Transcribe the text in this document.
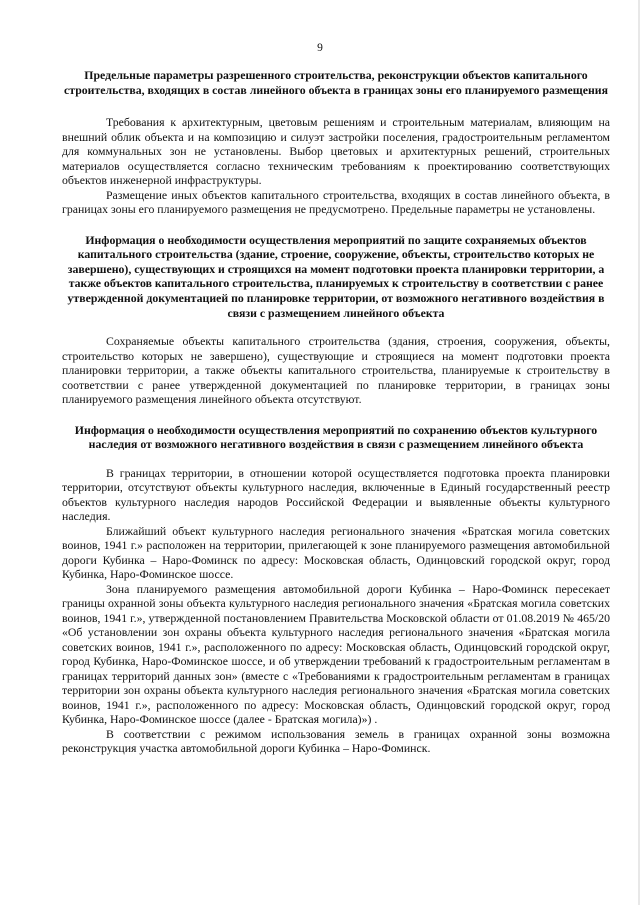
9
Предельные параметры разрешенного строительства, реконструкции объектов капитального строительства, входящих в состав линейного объекта в границах зоны его планируемого размещения

Требования к архитектурным, цветовым решениям и строительным материалам, влияющим на внешний облик объекта и на композицию и силуэт застройки поселения, градостроительным регламентом для коммунальных зон не установлены. Выбор цветовых и архитектурных решений, строительных материалов осуществляется согласно техническим требованиям к проектированию соответствующих объектов инженерной инфраструктуры.

Размещение иных объектов капитального строительства, входящих в состав линейного объекта, в границах зоны его планируемого размещения не предусмотрено. Предельные параметры не установлены.

Информация о необходимости осуществления мероприятий по защите сохраняемых объектов капитального строительства (здание, строение, сооружение, объекты, строительство которых не завершено), существующих и строящихся на момент подготовки проекта планировки территории, а также объектов капитального строительства, планируемых к строительству в соответствии с ранее утвержденной документацией по планировке территории, от возможного негативного воздействия в связи с размещением линейного объекта

Сохраняемые объекты капитального строительства (здания, строения, сооружения, объекты, строительство которых не завершено), существующие и строящиеся на момент подготовки проекта планировки территории, а также объекты капитального строительства, планируемые к строительству в соответствии с ранее утвержденной документацией по планировке территории, в границах зоны планируемого размещения линейного объекта отсутствуют.

Информация о необходимости осуществления мероприятий по сохранению объектов культурного наследия от возможного негативного воздействия в связи с размещением линейного объекта

В границах территории, в отношении которой осуществляется подготовка проекта планировки территории, отсутствуют объекты культурного наследия, включенные в Единый государственный реестр объектов культурного наследия народов Российской Федерации и выявленные объекты культурного наследия.

Ближайший объект культурного наследия регионального значения «Братская могила советских воинов, 1941 г.» расположен на территории, прилегающей к зоне планируемого размещения автомобильной дороги Кубинка – Наро-Фоминск по адресу: Московская область, Одинцовский городской округ, город Кубинка, Наро-Фоминское шоссе.

Зона планируемого размещения автомобильной дороги Кубинка – Наро-Фоминск пересекает границы охранной зоны объекта культурного наследия регионального значения «Братская могила советских воинов, 1941 г.», утвержденной постановлением Правительства Московской области от 01.08.2019 № 465/20 «Об установлении зон охраны объекта культурного наследия регионального значения «Братская могила советских воинов, 1941 г.», расположенного по адресу: Московская область, Одинцовский городской округ, город Кубинка, Наро-Фоминское шоссе, и об утверждении требований к градостроительным регламентам в границах территорий данных зон» (вместе с «Требованиями к градостроительным регламентам в границах территории зон охраны объекта культурного наследия регионального значения «Братская могила советских воинов, 1941 г.», расположенного по адресу: Московская область, Одинцовский городской округ, город Кубинка, Наро-Фоминское шоссе (далее - Братская могила)») .

В соответствии с режимом использования земель в границах охранной зоны возможна реконструкция участка автомобильной дороги Кубинка – Наро-Фоминск.
